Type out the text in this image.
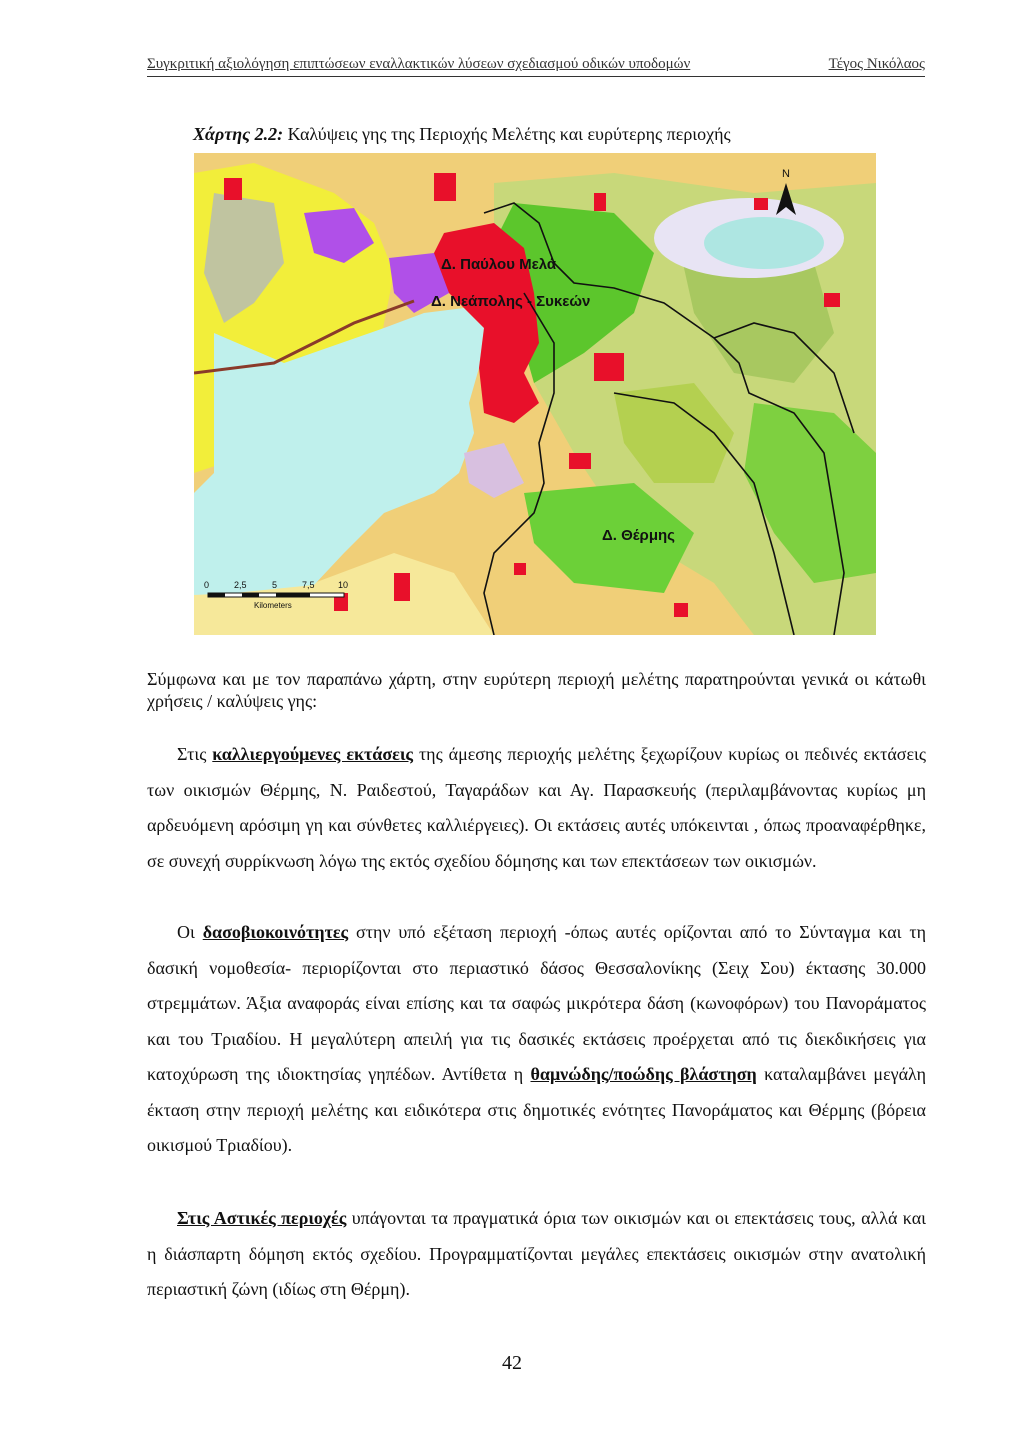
Συγκριτική αξιολόγηση επιπτώσεων εναλλακτικών λύσεων σχεδιασμού οδικών υποδομών	Τέγος Νικόλαος
Χάρτης 2.2: Καλύψεις γης της Περιοχής Μελέτης και ευρύτερης περιοχής
Δ. Παύλου Μελά
Δ. Νεάπολης - Συκεών
Δ. Θέρμης
N
0	2,5	5	7,5	10
Kilometers

Σύμφωνα και με τον παραπάνω χάρτη, στην ευρύτερη περιοχή μελέτης παρατηρούνται γενικά οι κάτωθι χρήσεις / καλύψεις γης:

Στις καλλιεργούμενες εκτάσεις της άμεσης περιοχής μελέτης ξεχωρίζουν κυρίως οι πεδινές εκτάσεις των οικισμών Θέρμης, Ν. Ραιδεστού, Ταγαράδων και Αγ. Παρασκευής (περιλαμβάνοντας κυρίως μη αρδευόμενη αρόσιμη γη και σύνθετες καλλιέργειες). Οι εκτάσεις αυτές υπόκεινται , όπως προαναφέρθηκε, σε συνεχή συρρίκνωση λόγω της εκτός σχεδίου δόμησης και των επεκτάσεων των οικισμών.

Οι δασοβιοκοινότητες στην υπό εξέταση περιοχή -όπως αυτές ορίζονται από το Σύνταγμα και τη δασική νομοθεσία- περιορίζονται στο περιαστικό δάσος Θεσσαλονίκης (Σειχ Σου) έκτασης 30.000 στρεμμάτων. Άξια αναφοράς είναι επίσης και τα σαφώς μικρότερα δάση (κωνοφόρων) του Πανοράματος και του Τριαδίου. Η μεγαλύτερη απειλή για τις δασικές εκτάσεις προέρχεται από τις διεκδικήσεις για κατοχύρωση της ιδιοκτησίας γηπέδων. Αντίθετα η θαμνώδης/ποώδης βλάστηση καταλαμβάνει μεγάλη έκταση στην περιοχή μελέτης και ειδικότερα στις δημοτικές ενότητες Πανοράματος και Θέρμης (βόρεια οικισμού Τριαδίου).

Στις Αστικές περιοχές υπάγονται τα πραγματικά όρια των οικισμών και οι επεκτάσεις τους, αλλά και η διάσπαρτη δόμηση εκτός σχεδίου. Προγραμματίζονται μεγάλες επεκτάσεις οικισμών στην ανατολική περιαστική ζώνη (ιδίως στη Θέρμη).

42
